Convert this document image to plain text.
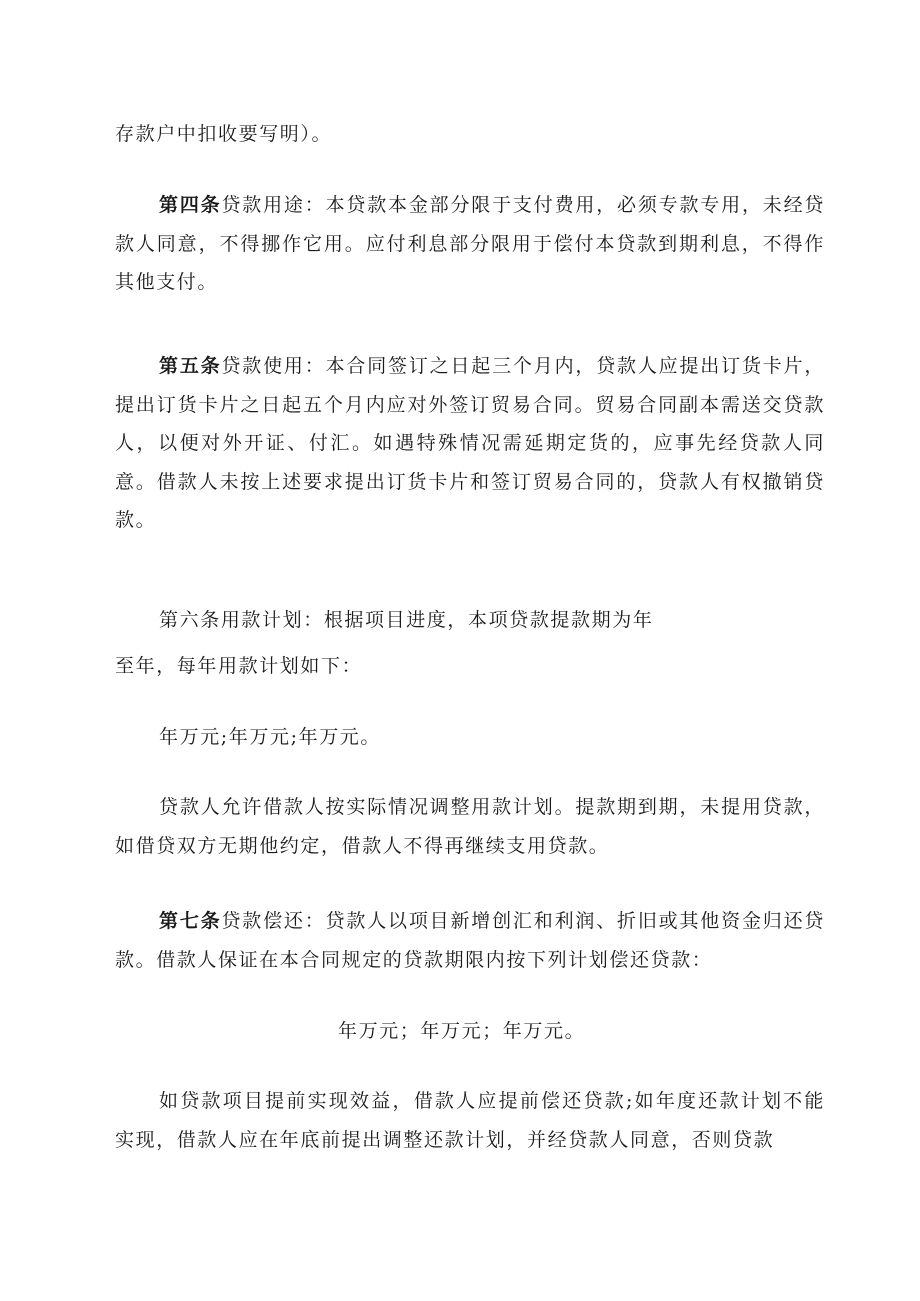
存款户中扣收要写明）。

第四条贷款用途：本贷款本金部分限于支付费用，必须专款专用，未经贷款人同意，不得挪作它用。应付利息部分限用于偿付本贷款到期利息，不得作其他支付。

第五条贷款使用：本合同签订之日起三个月内，贷款人应提出订货卡片，提出订货卡片之日起五个月内应对外签订贸易合同。贸易合同副本需送交贷款人，以便对外开证、付汇。如遇特殊情况需延期定货的，应事先经贷款人同意。借款人未按上述要求提出订货卡片和签订贸易合同的，贷款人有权撤销贷款。

第六条用款计划：根据项目进度，本项贷款提款期为年

至年，每年用款计划如下：

年万元;年万元;年万元。

贷款人允许借款人按实际情况调整用款计划。提款期到期，未提用贷款，如借贷双方无期他约定，借款人不得再继续支用贷款。

第七条贷款偿还：贷款人以项目新增创汇和利润、折旧或其他资金归还贷款。借款人保证在本合同规定的贷款期限内按下列计划偿还贷款：

年万元；年万元；年万元。

如贷款项目提前实现效益，借款人应提前偿还贷款;如年度还款计划不能实现，借款人应在年底前提出调整还款计划，并经贷款人同意，否则贷款
